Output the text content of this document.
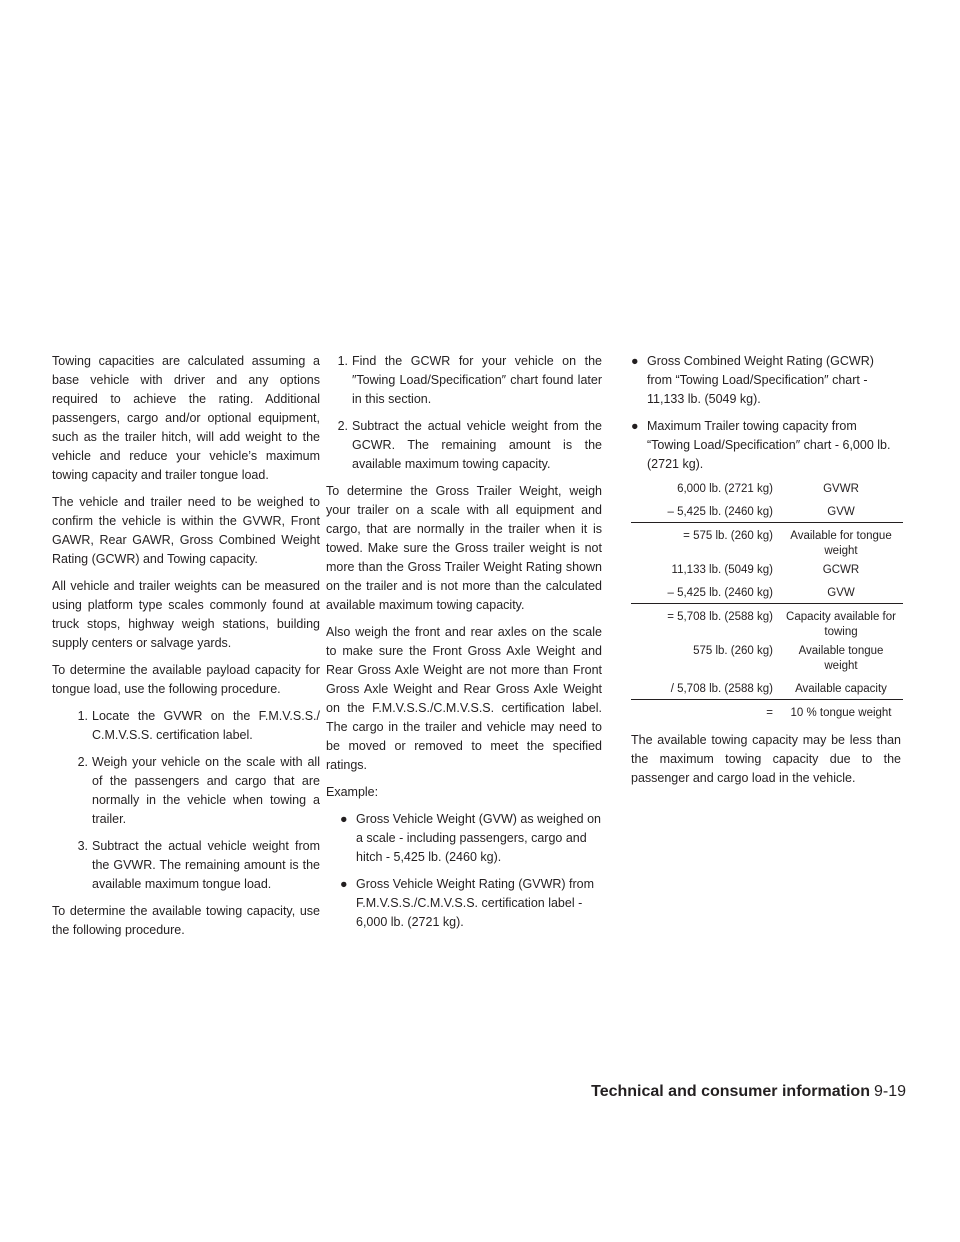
Towing capacities are calculated assuming a base vehicle with driver and any options required to achieve the rating. Additional passengers, cargo and/or optional equipment, such as the trailer hitch, will add weight to the vehicle and reduce your vehicle’s maximum towing capacity and trailer tongue load.

The vehicle and trailer need to be weighed to confirm the vehicle is within the GVWR, Front GAWR, Rear GAWR, Gross Combined Weight Rating (GCWR) and Towing capacity.

All vehicle and trailer weights can be measured using platform type scales commonly found at truck stops, highway weigh stations, building supply centers or salvage yards.

To determine the available payload capacity for tongue load, use the following procedure.

1. Locate the GVWR on the F.M.V.S.S./ C.M.V.S.S. certification label.
2. Weigh your vehicle on the scale with all of the passengers and cargo that are normally in the vehicle when towing a trailer.
3. Subtract the actual vehicle weight from the GVWR. The remaining amount is the available maximum tongue load.

To determine the available towing capacity, use the following procedure.

1. Find the GCWR for your vehicle on the ″Towing Load/Specification″ chart found later in this section.
2. Subtract the actual vehicle weight from the GCWR. The remaining amount is the available maximum towing capacity.

To determine the Gross Trailer Weight, weigh your trailer on a scale with all equipment and cargo, that are normally in the trailer when it is towed. Make sure the Gross trailer weight is not more than the Gross Trailer Weight Rating shown on the trailer and is not more than the calculated available maximum towing capacity.

Also weigh the front and rear axles on the scale to make sure the Front Gross Axle Weight and Rear Gross Axle Weight are not more than Front Gross Axle Weight and Rear Gross Axle Weight on the F.M.V.S.S./C.M.V.S.S. certification label. The cargo in the trailer and vehicle may need to be moved or removed to meet the specified ratings.

Example:

● Gross Vehicle Weight (GVW) as weighed on a scale - including passengers, cargo and hitch - 5,425 lb. (2460 kg).
● Gross Vehicle Weight Rating (GVWR) from F.M.V.S.S./C.M.V.S.S. certification label - 6,000 lb. (2721 kg).
● Gross Combined Weight Rating (GCWR) from “Towing Load/Specification″ chart - 11,133 lb. (5049 kg).
● Maximum Trailer towing capacity from “Towing Load/Specification″ chart - 6,000 lb. (2721 kg).
6,000 lb. (2721 kg)	GVWR
– 5,425 lb. (2460 kg)	GVW
= 575 lb. (260 kg)	Available for tongue weight
11,133 lb. (5049 kg)	GCWR
– 5,425 lb. (2460 kg)	GVW
= 5,708 lb. (2588 kg)	Capacity available for towing
575 lb. (260 kg)	Available tongue weight
/ 5,708 lb. (2588 kg)	Available capacity
=	10 % tongue weight

The available towing capacity may be less than the maximum towing capacity due to the passenger and cargo load in the vehicle.

Technical and consumer information 9-19
